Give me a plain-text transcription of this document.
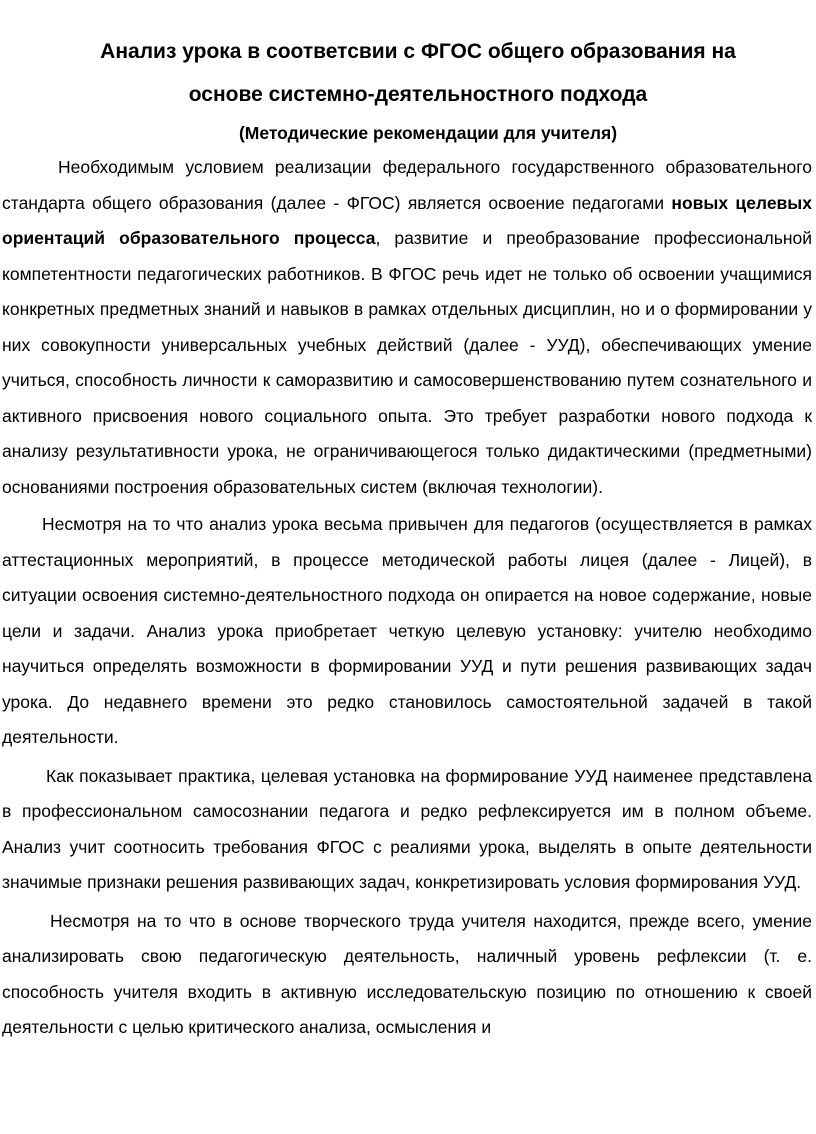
Анализ урока в соответсвии с ФГОС общего образования на
основе системно-деятельностного подхода
(Методические рекомендации для учителя)

Необходимым условием реализации федерального государственного образовательного стандарта общего образования (далее - ФГОС) является освоение педагогами новых целевых ориентаций образовательного процесса, развитие и преобразование профессиональной компетентности педагогических работников. В ФГОС речь идет не только об освоении учащимися конкретных предметных знаний и навыков в рамках отдельных дисциплин, но и о формировании у них совокупности универсальных учебных действий (далее - УУД), обеспечивающих умение учиться, способность личности к саморазвитию и самосовершенствованию путем сознательного и активного присвоения нового социального опыта. Это требует разработки нового подхода к анализу результативности урока, не ограничивающегося только дидактическими (предметными) основаниями построения образовательных систем (включая технологии).

Несмотря на то что анализ урока весьма привычен для педагогов (осуществляется в рамках аттестационных мероприятий, в процессе методической работы лицея (далее - Лицей), в ситуации освоения системно-деятельностного подхода он опирается на новое содержание, новые цели и задачи. Анализ урока приобретает четкую целевую установку: учителю необходимо научиться определять возможности в формировании УУД и пути решения развивающих задач урока. До недавнего времени это редко становилось самостоятельной задачей в такой деятельности.

Как показывает практика, целевая установка на формирование УУД наименее представлена в профессиональном самосознании педагога и редко рефлексируется им в полном объеме. Анализ учит соотносить требования ФГОС с реалиями урока, выделять в опыте деятельности значимые признаки решения развивающих задач, конкретизировать условия формирования УУД.

Несмотря на то что в основе творческого труда учителя находится, прежде всего, умение анализировать свою педагогическую деятельность, наличный уровень рефлексии (т. е. способность учителя входить в активную исследовательскую позицию по отношению к своей деятельности с целью критического анализа, осмысления и
